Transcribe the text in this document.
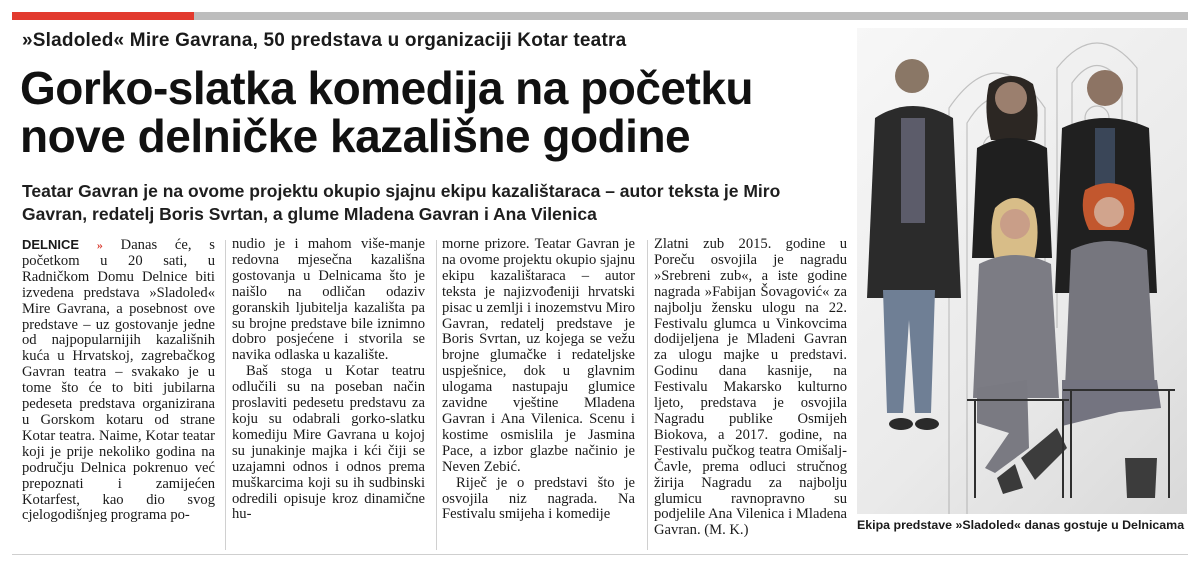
»Sladoled« Mire Gavrana, 50 predstava u organizaciji Kotar teatra
Gorko-slatka komedija na početku
nove delničke kazališne godine
Teatar Gavran je na ovome projektu okupio sjajnu ekipu kazalištaraca – autor teksta je Miro Gavran, redatelj Boris Svrtan, a glume Mladena Gavran i Ana Vilenica

DELNICE » Danas će, s početkom u 20 sati, u Radničkom Domu Delnice biti izvedena predstava »Sladoled« Mire Gavrana, a posebnost ove predstave – uz gostovanje jedne od najpopularnijih kazališnih kuća u Hrvatskoj, zagrebačkog Gavran teatra – svakako je u tome što će to biti jubilarna pedeseta predstava organizirana u Gorskom kotaru od strane Kotar teatra. Naime, Kotar teatar koji je prije nekoliko godina na području Delnica pokrenuo već prepoznati i zamijećen Kotarfest, kao dio svog cjelogodišnjeg programa po-

nudio je i mahom više-manje redovna mjesečna kazališna gostovanja u Delnicama što je naišlo na odličan odaziv goranskih ljubitelja kazališta pa su brojne predstave bile iznimno dobro posjećene i stvorila se navika odlaska u kazalište.

Baš stoga u Kotar teatru odlučili su na poseban način proslaviti pedesetu predstavu za koju su odabrali gorko-slatku komediju Mire Gavrana u kojoj su junakinje majka i kći čiji se uzajamni odnos i odnos prema muškarcima koji su ih sudbinski odredili opisuje kroz dinamične hu-

morne prizore. Teatar Gavran je na ovome projektu okupio sjajnu ekipu kazalištaraca – autor teksta je najizvođeniji hrvatski pisac u zemlji i inozemstvu Miro Gavran, redatelj predstave je Boris Svrtan, uz kojega se vežu brojne glumačke i redateljske uspješnice, dok u glavnim ulogama nastupaju glumice zavidne vještine Mladena Gavran i Ana Vilenica. Scenu i kostime osmislila je Jasmina Pace, a izbor glazbe načinio je Neven Zebić.

Riječ je o predstavi što je osvojila niz nagrada. Na Festivalu smijeha i komedije

Zlatni zub 2015. godine u Poreču osvojila je nagradu »Srebreni zub«, a iste godine nagrada »Fabijan Šovagović« za najbolju žensku ulogu na 22. Festivalu glumca u Vinkovcima dodijeljena je Mladeni Gavran za ulogu majke u predstavi. Godinu dana kasnije, na Festivalu Makarsko kulturno ljeto, predstava je osvojila Nagradu publike Osmijeh Biokova, a 2017. godine, na Festivalu pučkog teatra Omišalj-Čavle, prema odluci stručnog žirija Nagradu za najbolju glumicu ravnopravno su podjelile Ana Vilenica i Mladena Gavran. (M. K.)	Ekipa predstave »Sladoled« danas gostuje u Delnicama
